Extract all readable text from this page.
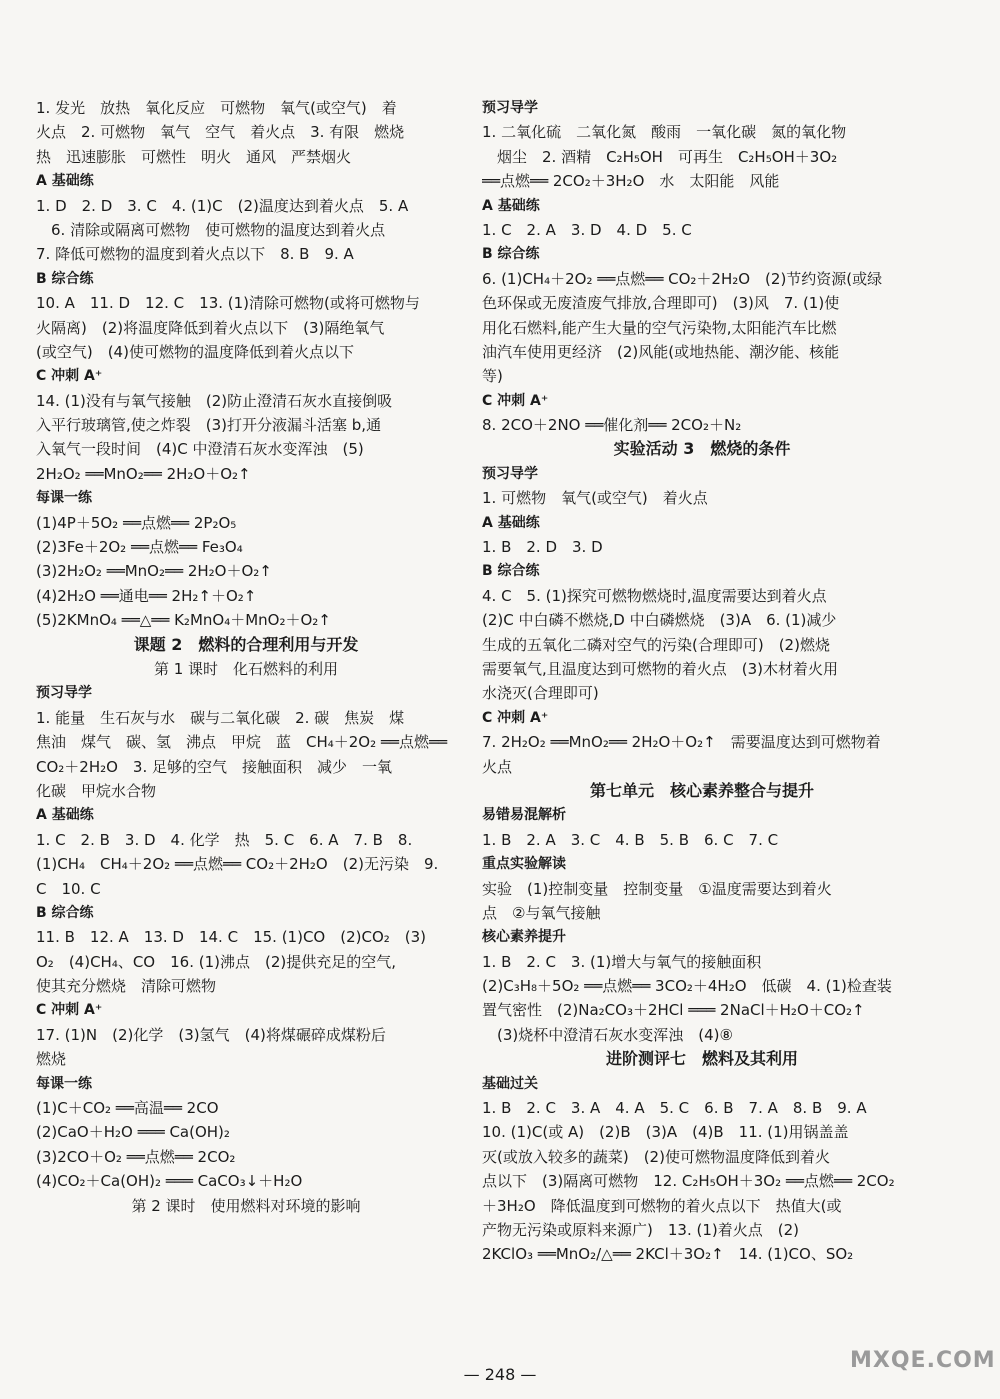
1. 发光　放热　氧化反应　可燃物　氧气(或空气)　着
火点　2. 可燃物　氧气　空气　着火点　3. 有限　燃烧
热　迅速膨胀　可燃性　明火　通风　严禁烟火
A 基础练
1. D　2. D　3. C　4. (1)C　(2)温度达到着火点　5. A
　6. 清除或隔离可燃物　使可燃物的温度达到着火点
7. 降低可燃物的温度到着火点以下　8. B　9. A
B 综合练
10. A　11. D　12. C　13. (1)清除可燃物(或将可燃物与
火隔离)　(2)将温度降低到着火点以下　(3)隔绝氧气
(或空气)　(4)使可燃物的温度降低到着火点以下
C 冲刺 A⁺
14. (1)没有与氧气接触　(2)防止澄清石灰水直接倒吸
入平行玻璃管,使之炸裂　(3)打开分液漏斗活塞 b,通
入氧气一段时间　(4)C 中澄清石灰水变浑浊　(5)
2H₂O₂ ══MnO₂══ 2H₂O＋O₂↑
每课一练
(1)4P＋5O₂ ══点燃══ 2P₂O₅
(2)3Fe＋2O₂ ══点燃══ Fe₃O₄
(3)2H₂O₂ ══MnO₂══ 2H₂O＋O₂↑
(4)2H₂O ══通电══ 2H₂↑＋O₂↑
(5)2KMnO₄ ══△══ K₂MnO₄＋MnO₂＋O₂↑
课题 2　燃料的合理利用与开发
第 1 课时　化石燃料的利用
预习导学
1. 能量　生石灰与水　碳与二氧化碳　2. 碳　焦炭　煤
焦油　煤气　碳、氢　沸点　甲烷　蓝　CH₄＋2O₂ ══点燃══
CO₂＋2H₂O　3. 足够的空气　接触面积　减少　一氧
化碳　甲烷水合物
A 基础练
1. C　2. B　3. D　4. 化学　热　5. C　6. A　7. B　8.
(1)CH₄　CH₄＋2O₂ ══点燃══ CO₂＋2H₂O　(2)无污染　9.
C　10. C
B 综合练
11. B　12. A　13. D　14. C　15. (1)CO　(2)CO₂　(3)
O₂　(4)CH₄、CO　16. (1)沸点　(2)提供充足的空气,
使其充分燃烧　清除可燃物
C 冲刺 A⁺
17. (1)N　(2)化学　(3)氢气　(4)将煤碾碎成煤粉后
燃烧
每课一练
(1)C＋CO₂ ══高温══ 2CO
(2)CaO＋H₂O ═══ Ca(OH)₂
(3)2CO＋O₂ ══点燃══ 2CO₂
(4)CO₂＋Ca(OH)₂ ═══ CaCO₃↓＋H₂O
第 2 课时　使用燃料对环境的影响
预习导学
1. 二氧化硫　二氧化氮　酸雨　一氧化碳　氮的氧化物
　烟尘　2. 酒精　C₂H₅OH　可再生　C₂H₅OH＋3O₂
══点燃══ 2CO₂＋3H₂O　水　太阳能　风能
A 基础练
1. C　2. A　3. D　4. D　5. C
B 综合练
6. (1)CH₄＋2O₂ ══点燃══ CO₂＋2H₂O　(2)节约资源(或绿
色环保或无废渣废气排放,合理即可)　(3)风　7. (1)使
用化石燃料,能产生大量的空气污染物,太阳能汽车比燃
油汽车使用更经济　(2)风能(或地热能、潮汐能、核能
等)
C 冲刺 A⁺
8. 2CO＋2NO ══催化剂══ 2CO₂＋N₂
实验活动 3　燃烧的条件
预习导学
1. 可燃物　氧气(或空气)　着火点
A 基础练
1. B　2. D　3. D
B 综合练
4. C　5. (1)探究可燃物燃烧时,温度需要达到着火点
(2)C 中白磷不燃烧,D 中白磷燃烧　(3)A　6. (1)减少
生成的五氧化二磷对空气的污染(合理即可)　(2)燃烧
需要氧气,且温度达到可燃物的着火点　(3)木材着火用
水浇灭(合理即可)
C 冲刺 A⁺
7. 2H₂O₂ ══MnO₂══ 2H₂O＋O₂↑　需要温度达到可燃物着
火点
第七单元　核心素养整合与提升
易错易混解析
1. B　2. A　3. C　4. B　5. B　6. C　7. C
重点实验解读
实验　(1)控制变量　控制变量　①温度需要达到着火
点　②与氧气接触
核心素养提升
1. B　2. C　3. (1)增大与氧气的接触面积
(2)C₃H₈＋5O₂ ══点燃══ 3CO₂＋4H₂O　低碳　4. (1)检查装
置气密性　(2)Na₂CO₃＋2HCl ═══ 2NaCl＋H₂O＋CO₂↑
　(3)烧杯中澄清石灰水变浑浊　(4)⑧
进阶测评七　燃料及其利用
基础过关
1. B　2. C　3. A　4. A　5. C　6. B　7. A　8. B　9. A
10. (1)C(或 A)　(2)B　(3)A　(4)B　11. (1)用锅盖盖
灭(或放入较多的蔬菜)　(2)使可燃物温度降低到着火
点以下　(3)隔离可燃物　12. C₂H₅OH＋3O₂ ══点燃══ 2CO₂
＋3H₂O　降低温度到可燃物的着火点以下　热值大(或
产物无污染或原料来源广)　13. (1)着火点　(2)
2KClO₃ ══MnO₂/△══ 2KCl＋3O₂↑　14. (1)CO、SO₂
— 248 —
MXQE.COM
